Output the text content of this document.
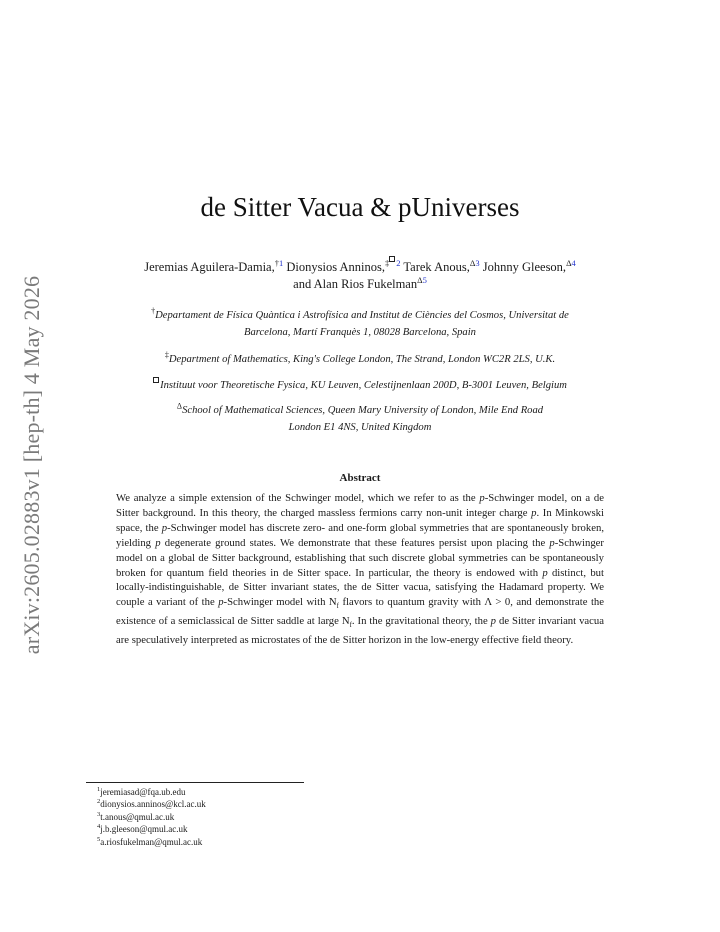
arXiv:2605.02883v1 [hep-th] 4 May 2026
de Sitter Vacua & pUniverses
Jeremias Aguilera-Damia,$^{\dagger 1}$ Dionysios Anninos,$^{\ddagger 2}$ Tarek Anous,$^{\Delta 3}$ Johnny Gleeson,$^{\Delta 4}$
and Alan Rios Fukelman$^{\Delta 5}$
†Departament de Física Quàntica i Astrofísica and Institut de Ciències del Cosmos, Universitat de
Barcelona, Martí Franquès 1, 08028 Barcelona, Spain
‡Department of Mathematics, King's College London, The Strand, London WC2R 2LS, U.K.
Instituut voor Theoretische Fysica, KU Leuven, Celestijnenlaan 200D, B-3001 Leuven, Belgium
$^\Delta$School of Mathematical Sciences, Queen Mary University of London, Mile End Road
London E1 4NS, United Kingdom
Abstract
We analyze a simple extension of the Schwinger model, which we refer to as the p-Schwinger model, on a de Sitter background. In this theory, the charged massless fermions carry non-unit integer charge p. In Minkowski space, the p-Schwinger model has discrete zero- and one-form global symmetries that are spontaneously broken, yielding p degenerate ground states. We demonstrate that these features persist upon placing the p-Schwinger model on a global de Sitter background, establishing that such discrete global symmetries can be spontaneously broken for quantum field theories in de Sitter space. In particular, the theory is endowed with p distinct, but locally-indistinguishable, de Sitter invariant states, the de Sitter vacua, satisfying the Hadamard property. We couple a variant of the p-Schwinger model with $N_f$ flavors to quantum gravity with Λ > 0, and demonstrate the existence of a semiclassical de Sitter saddle at large $N_f$. In the gravitational theory, the p de Sitter invariant vacua are speculatively interpreted as microstates of the de Sitter horizon in the low-energy effective field theory.
$^1$jeremiasad@fqa.ub.edu
$^2$dionysios.anninos@kcl.ac.uk
$^3$t.anous@qmul.ac.uk
$^4$j.b.gleeson@qmul.ac.uk
$^5$a.riosfukelman@qmul.ac.uk
